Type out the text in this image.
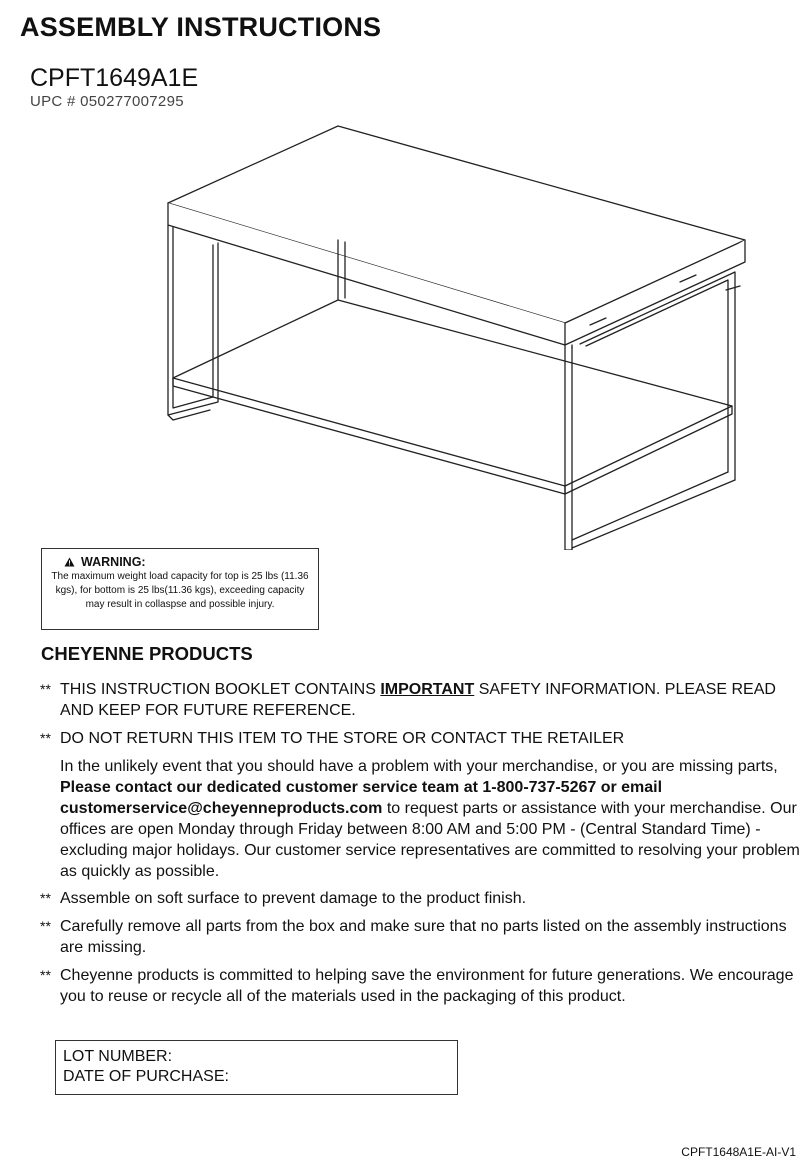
ASSEMBLY INSTRUCTIONS
CPFT1649A1E
UPC # 050277007295
WARNING:
The maximum weight load capacity for top is 25 lbs (11.36 kgs), for bottom is 25 lbs(11.36 kgs), exceeding capacity may result in collaspse and possible injury.
CHEYENNE PRODUCTS
** THIS INSTRUCTION BOOKLET CONTAINS IMPORTANT SAFETY INFORMATION. PLEASE READ AND KEEP FOR FUTURE REFERENCE.
** DO NOT RETURN THIS ITEM TO THE STORE OR CONTACT THE RETAILER
In the unlikely event that you should have a problem with your merchandise, or you are missing parts, Please contact our dedicated customer service team at 1-800-737-5267 or email customerservice@cheyenneproducts.com to request parts or assistance with your merchandise. Our offices are open Monday through Friday between 8:00 AM and 5:00 PM - (Central Standard Time) - excluding major holidays. Our customer service representatives are committed to resolving your problem as quickly as possible.
** Assemble on soft surface to prevent damage to the product finish.
** Carefully remove all parts from the box and make sure that no parts listed on the assembly instructions are missing.
** Cheyenne products is committed to helping save the environment for future generations. We encourage you to reuse or recycle all of the materials used in the packaging of this product.
LOT NUMBER:
DATE OF PURCHASE:
CPFT1648A1E-AI-V1
